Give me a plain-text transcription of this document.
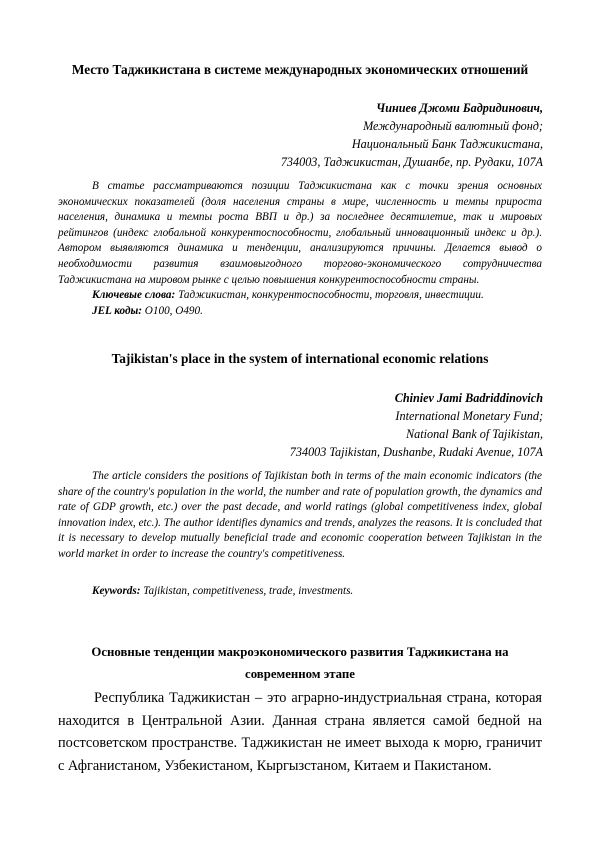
Место Таджикистана в системе международных экономических отношений
Чиниев Джоми Бадридинович,
Международный валютный фонд;
Национальный Банк Таджикистана,
734003, Таджикистан, Душанбе, пр. Рудаки, 107А

В статье рассматриваются позиции Таджикистана как с точки зрения основных экономических показателей (доля населения страны в мире, численность и темпы прироста населения, динамика и темпы роста ВВП и др.) за последнее десятилетие, так и мировых рейтингов (индекс глобальной конкурентоспособности, глобальный инновационный индекс и др.). Автором выявляются динамика и тенденции, анализируются причины. Делается вывод о необходимости развития взаимовыгодного торгово-экономического сотрудничества Таджикистана на мировом рынке с целью повышения конкурентоспособности страны.

Ключевые слова: Таджикистан, конкурентоспособности, торговля, инвестиции.

JEL коды: O100, O490.

Tajikistan's place in the system of international economic relations
Chiniev Jami Badriddinovich
International Monetary Fund;
National Bank of Tajikistan,
734003 Tajikistan, Dushanbe, Rudaki Avenue, 107A

The article considers the positions of Tajikistan both in terms of the main economic indicators (the share of the country's population in the world, the number and rate of population growth, the dynamics and rate of GDP growth, etc.) over the past decade, and world ratings (global competitiveness index, global innovation index, etc.). The author identifies dynamics and trends, analyzes the reasons. It is concluded that it is necessary to develop mutually beneficial trade and economic cooperation between Tajikistan in the world market in order to increase the country's competitiveness.

Keywords: Tajikistan, competitiveness, trade, investments.

Основные тенденции макроэкономического развития Таджикистана на
современном этапе

Республика Таджикистан – это аграрно-индустриальная страна, которая находится в Центральной Азии. Данная страна является самой бедной на постсоветском пространстве. Таджикистан не имеет выхода к морю, граничит с Афганистаном, Узбекистаном, Кыргызстаном, Китаем и Пакистаном.
